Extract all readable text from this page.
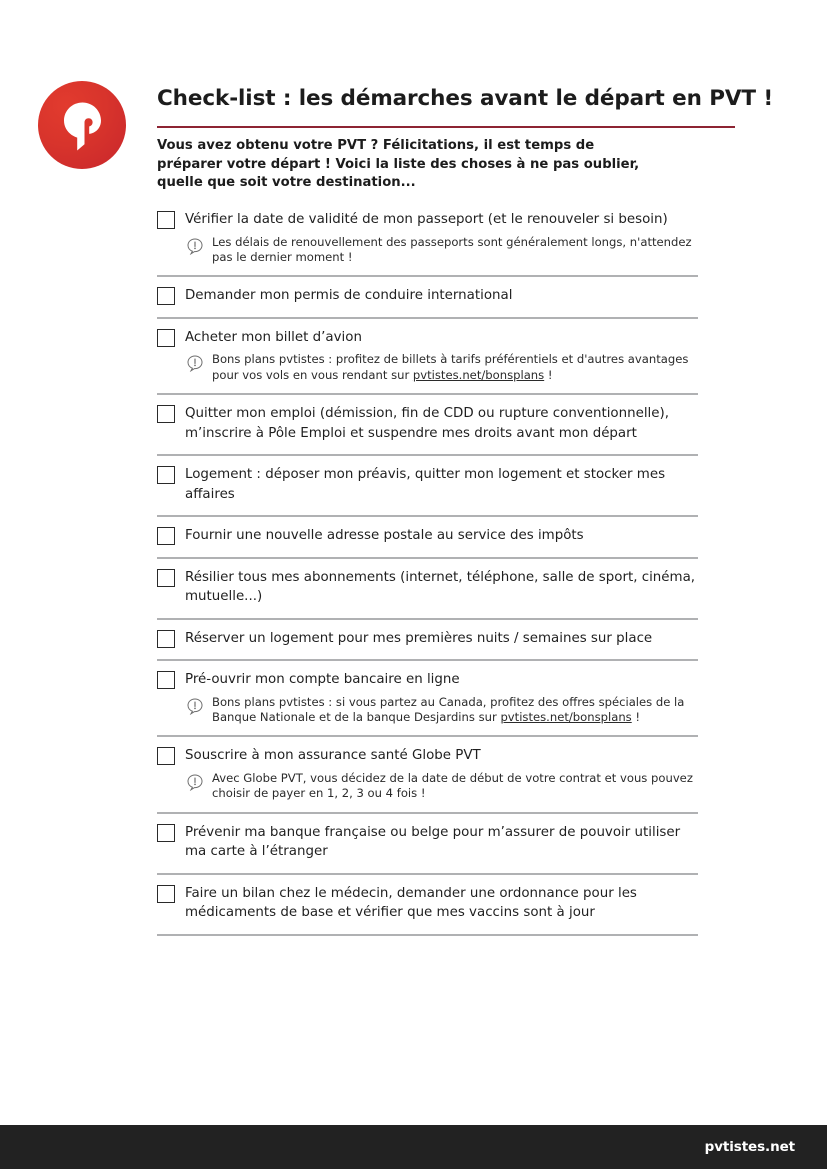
Check-list : les démarches avant le départ en PVT !
Vous avez obtenu votre PVT ? Félicitations, il est temps de préparer votre départ ! Voici la liste des choses à ne pas oublier, quelle que soit votre destination...
Vérifier la date de validité de mon passeport (et le renouveler si besoin)
Les délais de renouvellement des passeports sont généralement longs, n'attendez pas le dernier moment !
Demander mon permis de conduire international
Acheter mon billet d’avion
Bons plans pvtistes : profitez de billets à tarifs préférentiels et d'autres avantages pour vos vols en vous rendant sur pvtistes.net/bonsplans !
Quitter mon emploi (démission, fin de CDD ou rupture conventionnelle), m’inscrire à Pôle Emploi et suspendre mes droits avant mon départ
Logement : déposer mon préavis, quitter mon logement et stocker mes affaires
Fournir une nouvelle adresse postale au service des impôts
Résilier tous mes abonnements (internet, téléphone, salle de sport, cinéma, mutuelle...)
Réserver un logement pour mes premières nuits / semaines sur place
Pré-ouvrir mon compte bancaire en ligne
Bons plans pvtistes : si vous partez au Canada, profitez des offres spéciales de la Banque Nationale et de la banque Desjardins sur pvtistes.net/bonsplans !
Souscrire à mon assurance santé Globe PVT
Avec Globe PVT, vous décidez de la date de début de votre contrat et vous pouvez choisir de payer en 1, 2, 3 ou 4 fois !
Prévenir ma banque française ou belge pour m’assurer de pouvoir utiliser ma carte à l’étranger
Faire un bilan chez le médecin, demander une ordonnance pour les médicaments de base et vérifier que mes vaccins sont à jour
pvtistes.net
